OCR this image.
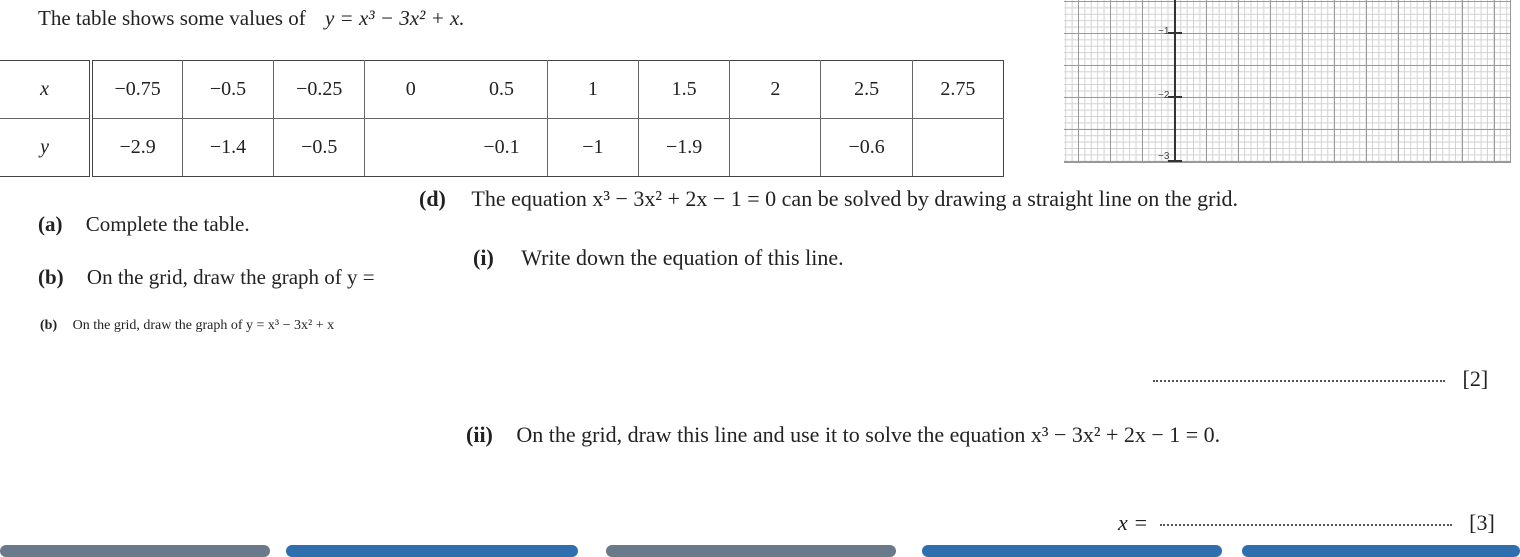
The table shows some values of y = x³ − 3x² + x.
x	−0.75	−0.5	−0.25	0	0.5	1	1.5	2	2.5	2.75
y	−2.9	−1.4	−0.5		−0.1	−1	−1.9		−0.6	
−1
−2
−3
(a) Complete the table.
(b) On the grid, draw the graph of y =
(b) On the grid, draw the graph of y = x³ − 3x² + x
(d) The equation x³ − 3x² + 2x − 1 = 0 can be solved by drawing a straight line on the grid.
(i) Write down the equation of this line.
[2]
(ii) On the grid, draw this line and use it to solve the equation x³ − 3x² + 2x − 1 = 0.
x =	[3]
